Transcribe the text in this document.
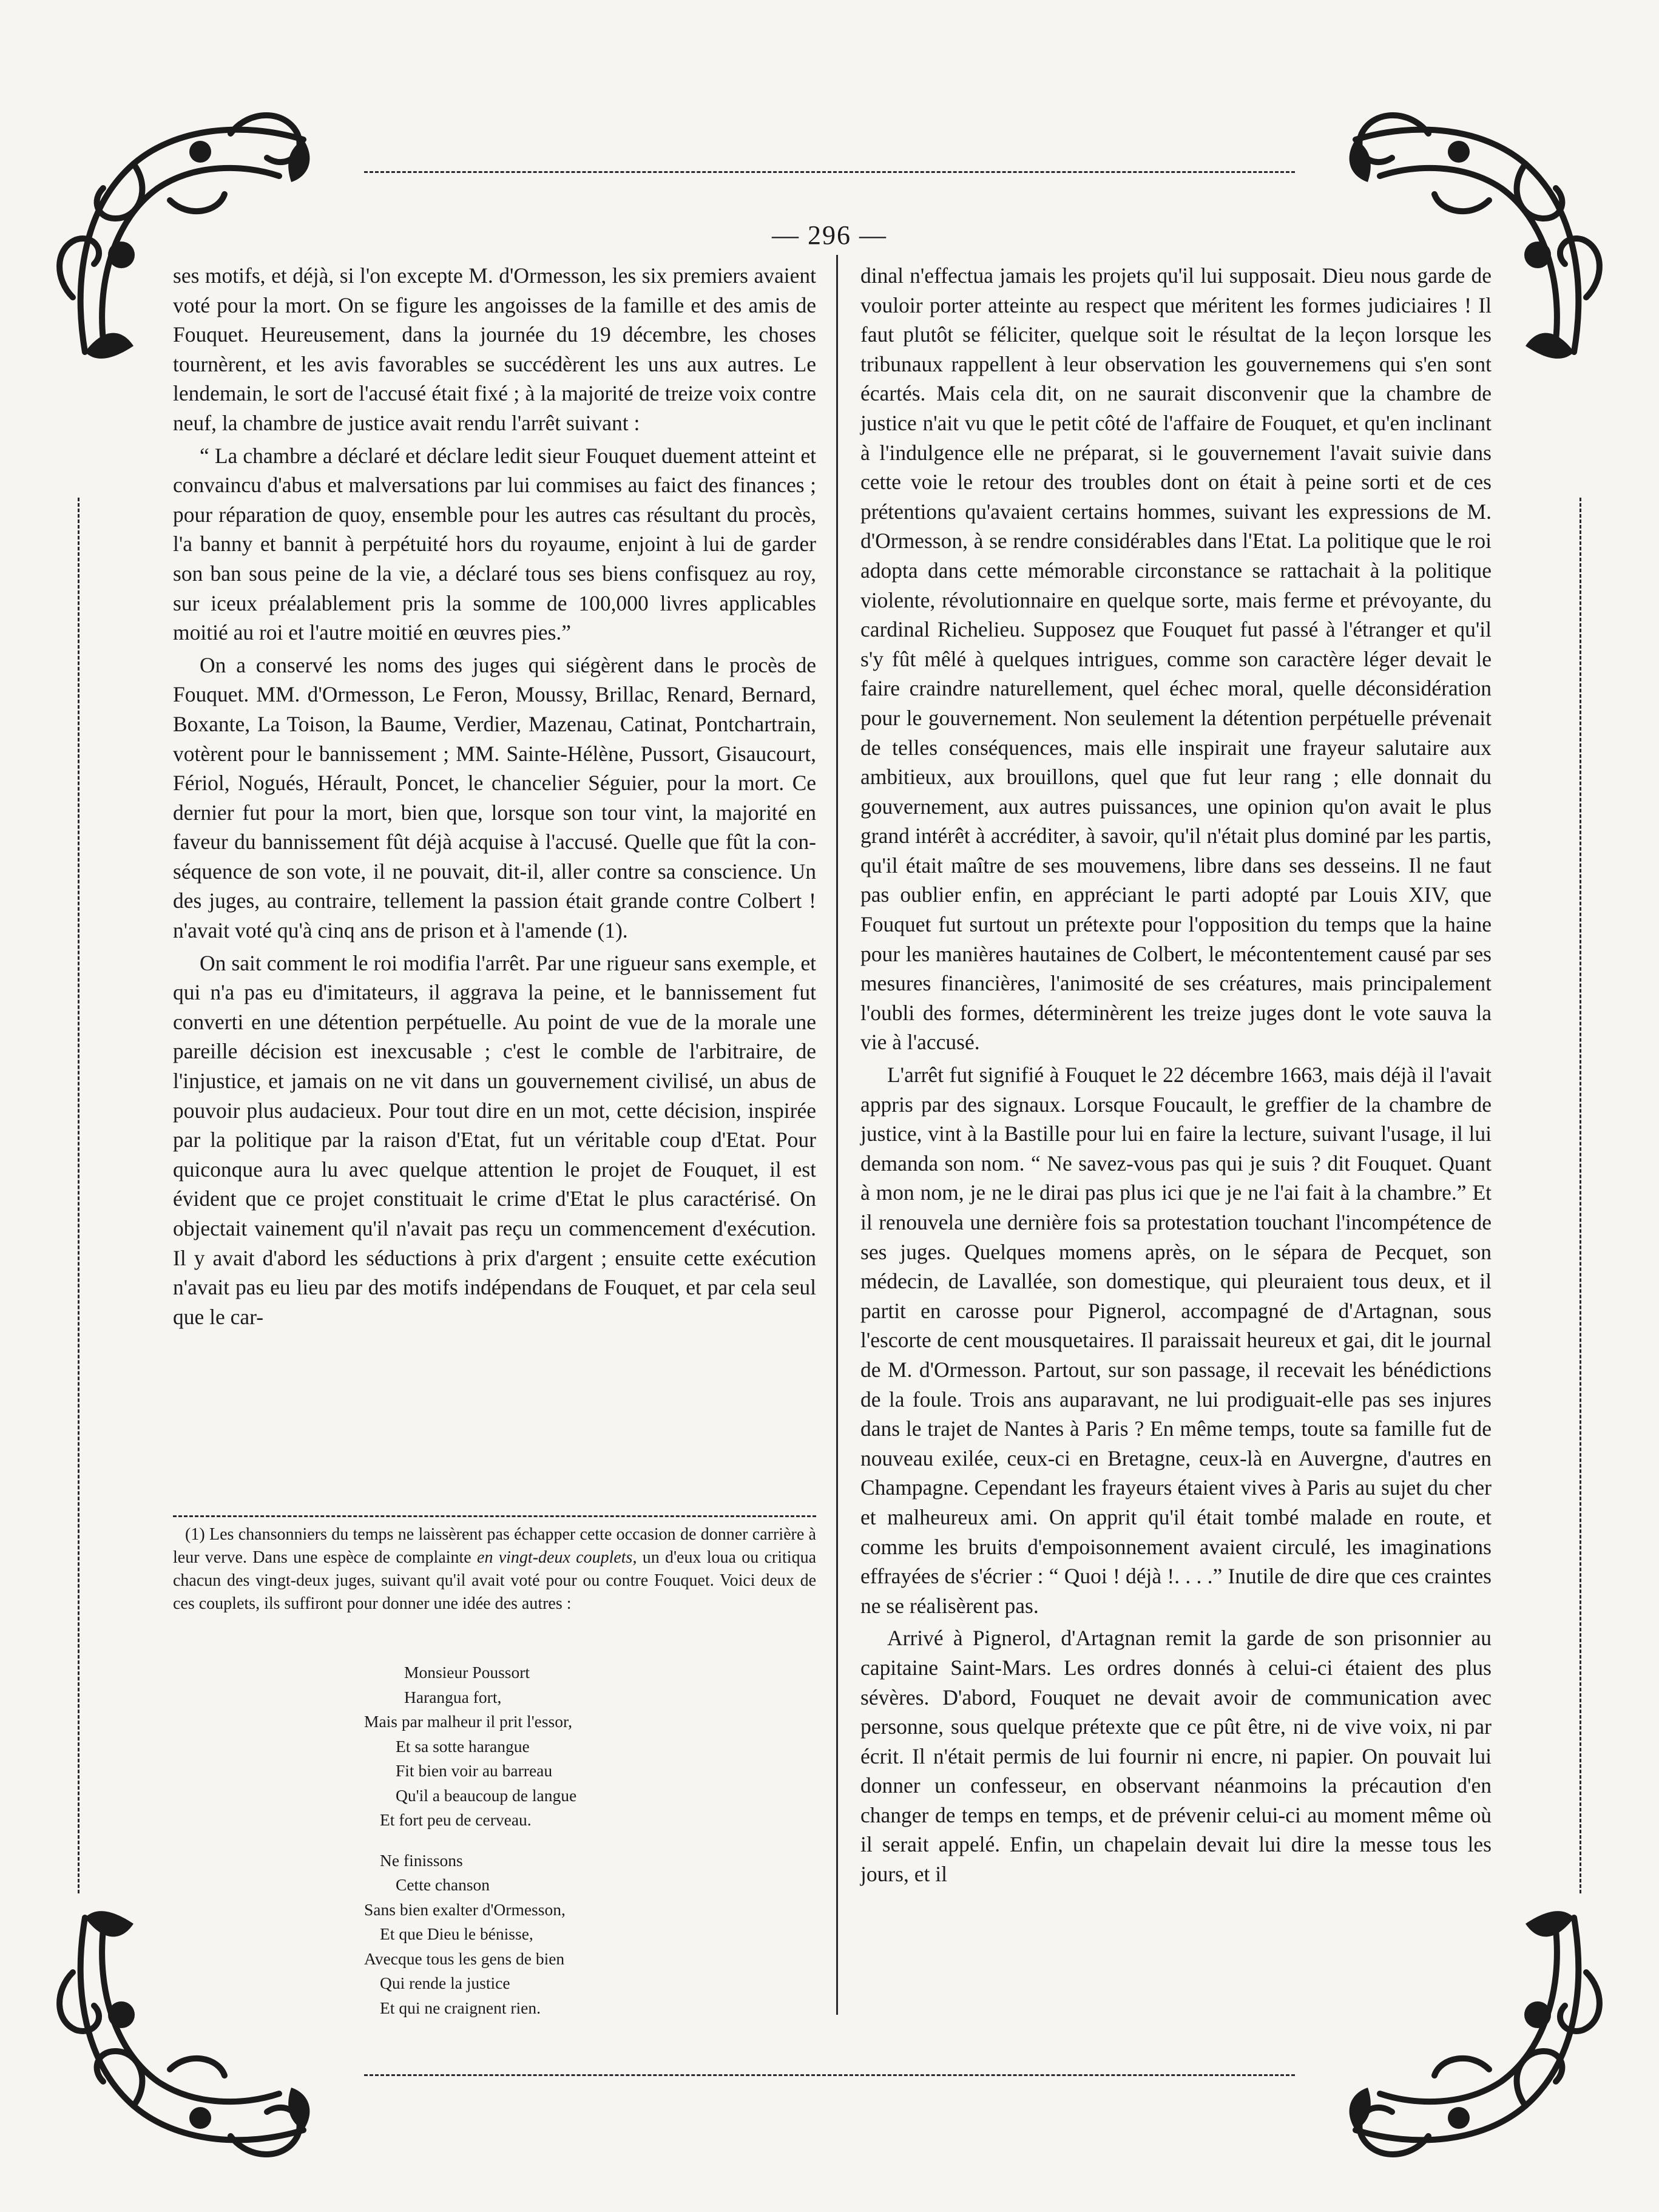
— 296 —

ses motifs, et déjà, si l'on excepte M. d'Ormesson, les six premiers avaient voté pour la mort. On se figure les angoisses de la famille et des amis de Fouquet. Heureusement, dans la journée du 19 décembre, les choses tournèrent, et les avis favorables se succédèrent les uns aux autres. Le lendemain, le sort de l'accusé était fixé ; à la majorité de treize voix contre neuf, la chambre de justice avait rendu l'arrêt suivant :

“ La chambre a déclaré et déclare ledit sieur Fouquet duement atteint et convaincu d'abus et malversations par lui commises au faict des finances ; pour réparation de quoy, ensemble pour les autres cas résultant du procès, l'a banny et bannit à perpétuité hors du royaume, enjoint à lui de garder son ban sous peine de la vie, a déclaré tous ses biens confisquez au roy, sur iceux préalablement pris la somme de 100,000 livres applicables moitié au roi et l'autre moitié en œuvres pies.”

On a conservé les noms des juges qui siégèrent dans le procès de Fouquet. MM. d'Ormesson, Le Feron, Moussy, Brillac, Renard, Bernard, Boxante, La Toison, la Baume, Verdier, Mazenau, Catinat, Pontchartrain, votèrent pour le bannissement ; MM. Sainte-Hélène, Pussort, Gisaucourt, Fériol, Nogués, Hérault, Poncet, le chancelier Séguier, pour la mort. Ce dernier fut pour la mort, bien que, lorsque son tour vint, la majorité en faveur du bannissement fût déjà acquise à l'accusé. Quelle que fût la conséquence de son vote, il ne pouvait, dit-il, aller contre sa conscience. Un des juges, au contraire, tellement la passion était grande contre Colbert ! n'avait voté qu'à cinq ans de prison et à l'amende (1).

On sait comment le roi modifia l'arrêt. Par une rigueur sans exemple, et qui n'a pas eu d'imitateurs, il aggrava la peine, et le bannissement fut converti en une détention perpétuelle. Au point de vue de la morale une pareille décision est inexcusable ; c'est le comble de l'arbitraire, de l'injustice, et jamais on ne vit dans un gouvernement civilisé, un abus de pouvoir plus audacieux. Pour tout dire en un mot, cette décision, inspirée par la politique par la raison d'Etat, fut un véritable coup d'Etat. Pour quiconque aura lu avec quelque attention le projet de Fouquet, il est évident que ce projet constituait le crime d'Etat le plus caractérisé. On objectait vainement qu'il n'avait pas reçu un commencement d'exécution. Il y avait d'abord les séductions à prix d'argent ; ensuite cette exécution n'avait pas eu lieu par des motifs indépendans de Fouquet, et par cela seul que le car-

(1) Les chansonniers du temps ne laissèrent pas échapper cette occasion de donner carrière à leur verve. Dans une espèce de complainte en vingt-deux couplets, un d'eux loua ou critiqua chacun des vingt-deux juges, suivant qu'il avait voté pour ou contre Fouquet. Voici deux de ces couplets, ils suffiront pour donner une idée des autres :

Monsieur Poussort
Harangua fort,
Mais par malheur il prit l'essor,
Et sa sotte harangue
Fit bien voir au barreau
Qu'il a beaucoup de langue
Et fort peu de cerveau.
Ne finissons
Cette chanson
Sans bien exalter d'Ormesson,
Et que Dieu le bénisse,
Avecque tous les gens de bien
Qui rende la justice
Et qui ne craignent rien.

dinal n'effectua jamais les projets qu'il lui supposait. Dieu nous garde de vouloir porter atteinte au respect que méritent les formes judiciaires ! Il faut plutôt se féliciter, quelque soit le résultat de la leçon lorsque les tribunaux rappellent à leur observation les gouvernemens qui s'en sont écartés. Mais cela dit, on ne saurait disconvenir que la chambre de justice n'ait vu que le petit côté de l'affaire de Fouquet, et qu'en inclinant à l'indulgence elle ne préparat, si le gouvernement l'avait suivie dans cette voie le retour des troubles dont on était à peine sorti et de ces prétentions qu'avaient certains hommes, suivant les expressions de M. d'Ormesson, à se rendre considérables dans l'Etat. La politique que le roi adopta dans cette mémorable circonstance se rattachait à la politique violente, révolutionnaire en quelque sorte, mais ferme et prévoyante, du cardinal Richelieu. Supposez que Fouquet fut passé à l'étranger et qu'il s'y fût mêlé à quelques intrigues, comme son caractère léger devait le faire craindre naturellement, quel échec moral, quelle déconsidération pour le gouvernement. Non seulement la détention perpétuelle prévenait de telles conséquences, mais elle inspirait une frayeur salutaire aux ambitieux, aux brouillons, quel que fut leur rang ; elle donnait du gouvernement, aux autres puissances, une opinion qu'on avait le plus grand intérêt à accréditer, à savoir, qu'il n'était plus dominé par les partis, qu'il était maître de ses mouvemens, libre dans ses desseins. Il ne faut pas oublier enfin, en appréciant le parti adopté par Louis XIV, que Fouquet fut surtout un prétexte pour l'opposition du temps que la haine pour les manières hautaines de Colbert, le mécontentement causé par ses mesures financières, l'animosité de ses créatures, mais principalement l'oubli des formes, déterminèrent les treize juges dont le vote sauva la vie à l'accusé.

L'arrêt fut signifié à Fouquet le 22 décembre 1663, mais déjà il l'avait appris par des signaux. Lorsque Foucault, le greffier de la chambre de justice, vint à la Bastille pour lui en faire la lecture, suivant l'usage, il lui demanda son nom. “ Ne savez-vous pas qui je suis ? dit Fouquet. Quant à mon nom, je ne le dirai pas plus ici que je ne l'ai fait à la chambre.” Et il renouvela une dernière fois sa protestation touchant l'incompétence de ses juges. Quelques momens après, on le sépara de Pecquet, son médecin, de Lavallée, son domestique, qui pleuraient tous deux, et il partit en carosse pour Pignerol, accompagné de d'Artagnan, sous l'escorte de cent mousquetaires. Il paraissait heureux et gai, dit le journal de M. d'Ormesson. Partout, sur son passage, il recevait les bénédictions de la foule. Trois ans auparavant, ne lui prodiguait-elle pas ses injures dans le trajet de Nantes à Paris ? En même temps, toute sa famille fut de nouveau exilée, ceux-ci en Bretagne, ceux-là en Auvergne, d'autres en Champagne. Cependant les frayeurs étaient vives à Paris au sujet du cher et malheureux ami. On apprit qu'il était tombé malade en route, et comme les bruits d'empoisonnement avaient circulé, les imaginations effrayées de s'écrier : “ Quoi ! déjà !. . . .” Inutile de dire que ces craintes ne se réalisèrent pas.

Arrivé à Pignerol, d'Artagnan remit la garde de son prisonnier au capitaine Saint-Mars. Les ordres donnés à celui-ci étaient des plus sévères. D'abord, Fouquet ne devait avoir de communication avec personne, sous quelque prétexte que ce pût être, ni de vive voix, ni par écrit. Il n'était permis de lui fournir ni encre, ni papier. On pouvait lui donner un confesseur, en observant néanmoins la précaution d'en changer de temps en temps, et de prévenir celui-ci au moment même où il serait appelé. Enfin, un chapelain devait lui dire la messe tous les jours, et il
